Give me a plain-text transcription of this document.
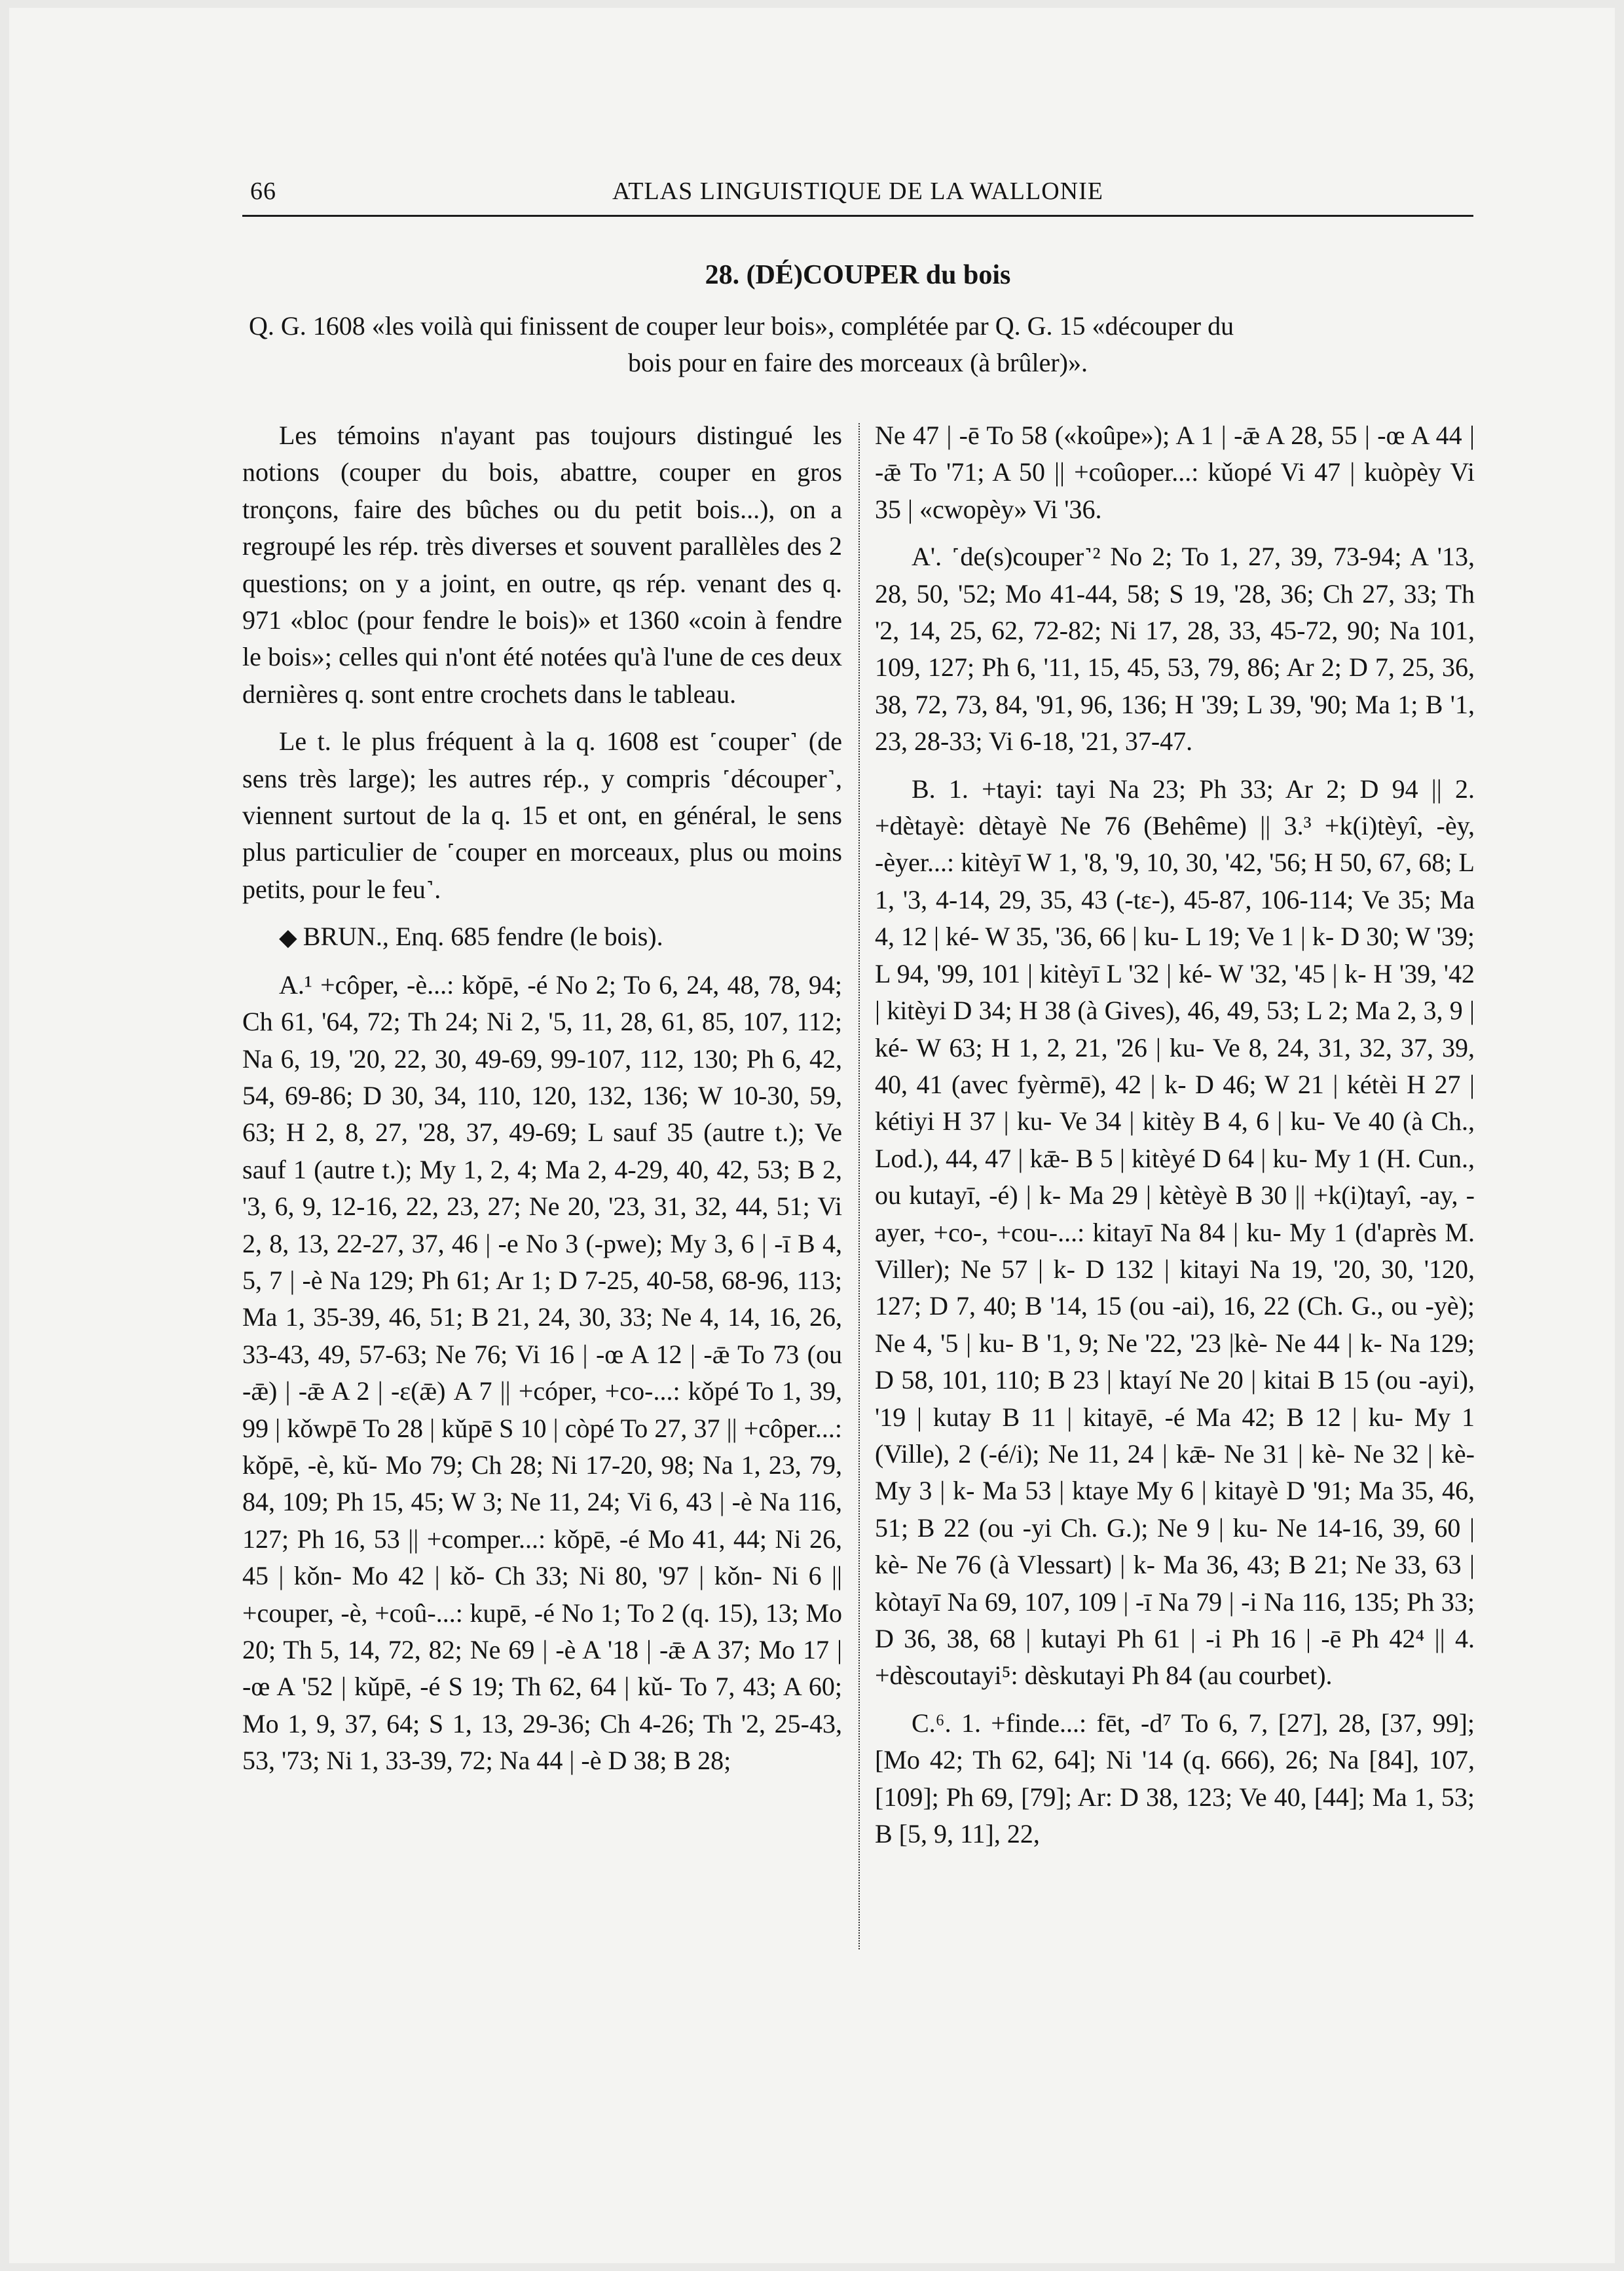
66	ATLAS LINGUISTIQUE DE LA WALLONIE
28. (DÉ)COUPER du bois
Q. G. 1608 «les voilà qui finissent de couper leur bois», complétée par Q. G. 15 «découper du
bois pour en faire des morceaux (à brûler)».

Les témoins n'ayant pas toujours distingué les notions (couper du bois, abattre, couper en gros tronçons, faire des bûches ou du petit bois...), on a regroupé les rép. très diverses et souvent parallèles des 2 questions; on y a joint, en outre, qs rép. venant des q. 971 «bloc (pour fendre le bois)» et 1360 «coin à fendre le bois»; celles qui n'ont été notées qu'à l'une de ces deux dernières q. sont entre crochets dans le tableau.

Le t. le plus fréquent à la q. 1608 est ˹couper˺ (de sens très large); les autres rép., y compris ˹découper˺, viennent surtout de la q. 15 et ont, en général, le sens plus particulier de ˹couper en morceaux, plus ou moins petits, pour le feu˺.

◆ BRUN., Enq. 685 fendre (le bois).

A.¹ +côper, -è...: kǒpē, -é No 2; To 6, 24, 48, 78, 94; Ch 61, '64, 72; Th 24; Ni 2, '5, 11, 28, 61, 85, 107, 112; Na 6, 19, '20, 22, 30, 49-69, 99-107, 112, 130; Ph 6, 42, 54, 69-86; D 30, 34, 110, 120, 132, 136; W 10-30, 59, 63; H 2, 8, 27, '28, 37, 49-69; L sauf 35 (autre t.); Ve sauf 1 (autre t.); My 1, 2, 4; Ma 2, 4-29, 40, 42, 53; B 2, '3, 6, 9, 12-16, 22, 23, 27; Ne 20, '23, 31, 32, 44, 51; Vi 2, 8, 13, 22-27, 37, 46 | -e No 3 (-pwe); My 3, 6 | -ī B 4, 5, 7 | -è Na 129; Ph 61; Ar 1; D 7-25, 40-58, 68-96, 113; Ma 1, 35-39, 46, 51; B 21, 24, 30, 33; Ne 4, 14, 16, 26, 33-43, 49, 57-63; Ne 76; Vi 16 | -œ A 12 | -ǣ To 73 (ou -ǣ) | -ǣ A 2 | -ε(ǣ) A 7 || +cóper, +co-...: kǒpé To 1, 39, 99 | kǒwpē To 28 | kǔpē S 10 | còpé To 27, 37 || +côper...: kǒpē, -è, kǔ- Mo 79; Ch 28; Ni 17-20, 98; Na 1, 23, 79, 84, 109; Ph 15, 45; W 3; Ne 11, 24; Vi 6, 43 | -è Na 116, 127; Ph 16, 53 || +comper...: kǒpē, -é Mo 41, 44; Ni 26, 45 | kǒn- Mo 42 | kǒ- Ch 33; Ni 80, '97 | kǒn- Ni 6 || +couper, -è, +coû-...: kupē, -é No 1; To 2 (q. 15), 13; Mo 20; Th 5, 14, 72, 82; Ne 69 | -è A '18 | -ǣ A 37; Mo 17 | -œ A '52 | kǔpē, -é S 19; Th 62, 64 | kǔ- To 7, 43; A 60; Mo 1, 9, 37, 64; S 1, 13, 29-36; Ch 4-26; Th '2, 25-43, 53, '73; Ni 1, 33-39, 72; Na 44 | -è D 38; B 28;

Ne 47 | -ē To 58 («koûpe»); A 1 | -ǣ A 28, 55 | -œ A 44 | -ǣ To '71; A 50 || +coûoper...: kǔopé Vi 47 | kuòpèy Vi 35 | «cwopèy» Vi '36.

A'. ˹de(s)couper˺² No 2; To 1, 27, 39, 73-94; A '13, 28, 50, '52; Mo 41-44, 58; S 19, '28, 36; Ch 27, 33; Th '2, 14, 25, 62, 72-82; Ni 17, 28, 33, 45-72, 90; Na 101, 109, 127; Ph 6, '11, 15, 45, 53, 79, 86; Ar 2; D 7, 25, 36, 38, 72, 73, 84, '91, 96, 136; H '39; L 39, '90; Ma 1; B '1, 23, 28-33; Vi 6-18, '21, 37-47.

B. 1. +tayi: tayi Na 23; Ph 33; Ar 2; D 94 || 2. +dètayè: dètayè Ne 76 (Behême) || 3.³ +k(i)tèyî, -èy, -èyer...: kitèyī W 1, '8, '9, 10, 30, '42, '56; H 50, 67, 68; L 1, '3, 4-14, 29, 35, 43 (-tε-), 45-87, 106-114; Ve 35; Ma 4, 12 | ké- W 35, '36, 66 | ku- L 19; Ve 1 | k- D 30; W '39; L 94, '99, 101 | kitèyī L '32 | ké- W '32, '45 | k- H '39, '42 | kitèyi D 34; H 38 (à Gives), 46, 49, 53; L 2; Ma 2, 3, 9 | ké- W 63; H 1, 2, 21, '26 | ku- Ve 8, 24, 31, 32, 37, 39, 40, 41 (avec fyèrmē), 42 | k- D 46; W 21 | kétèi H 27 | kétiyi H 37 | ku- Ve 34 | kitèy B 4, 6 | ku- Ve 40 (à Ch., Lod.), 44, 47 | kǣ- B 5 | kitèyé D 64 | ku- My 1 (H. Cun., ou kutayī, -é) | k- Ma 29 | kètèyè B 30 || +k(i)tayî, -ay, -ayer, +co-, +cou-...: kitayī Na 84 | ku- My 1 (d'après M. Viller); Ne 57 | k- D 132 | kitayi Na 19, '20, 30, '120, 127; D 7, 40; B '14, 15 (ou -ai), 16, 22 (Ch. G., ou -yè); Ne 4, '5 | ku- B '1, 9; Ne '22, '23 |kè- Ne 44 | k- Na 129; D 58, 101, 110; B 23 | ktayí Ne 20 | kitai B 15 (ou -ayi), '19 | kutay B 11 | kitayē, -é Ma 42; B 12 | ku- My 1 (Ville), 2 (-é/i); Ne 11, 24 | kǣ- Ne 31 | kè- Ne 32 | kè- My 3 | k- Ma 53 | ktaye My 6 | kitayè D '91; Ma 35, 46, 51; B 22 (ou -yi Ch. G.); Ne 9 | ku- Ne 14-16, 39, 60 | kè- Ne 76 (à Vlessart) | k- Ma 36, 43; B 21; Ne 33, 63 | kòtayī Na 69, 107, 109 | -ī Na 79 | -i Na 116, 135; Ph 33; D 36, 38, 68 | kutayi Ph 61 | -i Ph 16 | -ē Ph 42⁴ || 4. +dèscoutayi⁵: dèskutayi Ph 84 (au courbet).

C.⁶. 1. +finde...: fēt, -d⁷ To 6, 7, [27], 28, [37, 99]; [Mo 42; Th 62, 64]; Ni '14 (q. 666), 26; Na [84], 107, [109]; Ph 69, [79]; Ar: D 38, 123; Ve 40, [44]; Ma 1, 53; B [5, 9, 11], 22,
